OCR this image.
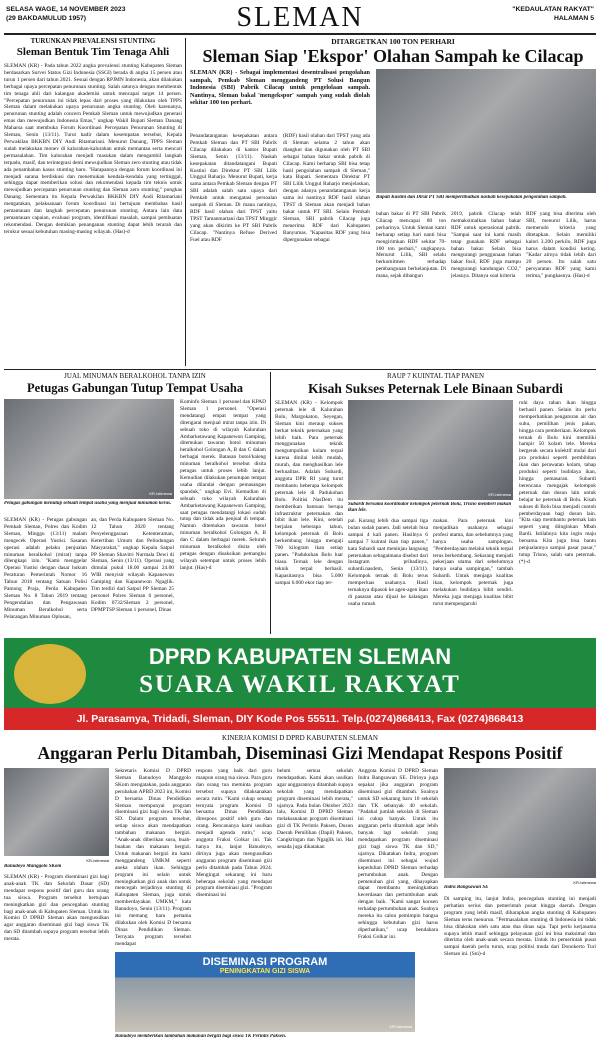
SELASA WAGE, 14 NOVEMBER 2023
(29 BAKDAMULUD 1957)	SLEMAN	"KEDAULATAN RAKYAT"
HALAMAN 5
TURUNKAN PREVALENSI STUNTING
Sleman Bentuk Tim Tenaga Ahli
SLEMAN (KR) - Pada tahun 2022 angka prevalensi stunting Kabupaten Sleman berdasarkan Survei Status Gizi Indonesia (SSGI) berada di angka 15 persen atau turun 1 persen dari tahun 2021. Sesuai dengan RPJMN Indonesia, akan dilakukan berbagai upaya percepatan penurunan stunting. Salah satunya dengan membentuk tim tenaga ahli dari kalangan akademisi untuk mencapai target 14 persen. "Percepatan penurunan ini tidak lepas dari proses yang dilakukan oleh TPPS Sleman dalam melakukan upaya penurunan angka stunting. Oleh karenanya, penurunan stunting adalah concern Pemkab Sleman untuk mewujudkan generasi emas dan mewujudkan Indonesia Emas," ungkap Wakil Bupati Sleman Danang Maharsa saat membuka Forum Koordinasi Percepatan Penurunan Stunting di Sleman, Senin (13/11). Turut hadir dalam kesempatan tersebut, Kepala Perwakilan BKKBN DIY Andi Ritamariani. Menurut Danang, TPPS Sleman sudah melakukan monev di kalurahan-kalurahan untuk memantau serta mencari permasalahan. Tim kalurahan menjadi masukan dalam mengambil langkah terpadu, masif, dan terintegrasi demi mewujudkan Sleman zero stunting atau tidak ada penambahan kasus stunting baru. "Harapannya dengan forum koordinasi ini menjadi sarana berdiskusi dan menemukan kendala-kendala yang tertinggal, sehingga dapat memberikan solusi dan rekomendasi kepada tim teknis untuk mewujudkan percepatan penurunan stunting dan Sleman zero stunting," pungkas Danang. Sementara itu Kepala Perwakilan BKKBN DIY Andi Ritamariani mengatakan, pelaksanaan forum koordinasi ini bertujuan membahas hasil pemantauan dan langkah percepatan penurunan stunting. Antara lain data pemantauan capaian, evaluasi program, identifikasi masalah, sampai pembuatan rekomendasi. Dengan demikian penanganan stunting dapat lebih terarah dan terukur sesuai kebutuhan masing-masing wilayah. (Has)-d
DITARGETKAN 100 TON PERHARI
Sleman Siap 'Ekspor' Olahan Sampah ke Cilacap
SLEMAN (KR) - Sebagai implementasi desentralisasi pengolahan sampah, Pemkab Sleman menggandeng PT Solusi Bangun Indonesia (SBI) Pabrik Cilacap untuk pengelolaan sampah. Nantinya, Sleman bakal 'mengekspor' sampah yang sudah diolah sekitar 100 ton perhari.
Penandatanganan kesepakatan antara Pemkab Sleman dan PT SBI Pabrik Cilacap dilakukan di kantor Bupati Sleman, Senin (13/11). Naskah kesepakatan ditandatangani Bupati Kustini dan Direktur PT SBI Lilik Unggul Raharjo. Menurut Bupati, kerja sama antara Pemkab Sleman dengan PT SBI adalah salah satu upaya dari Pemkab untuk mengatasi persoalan sampah di Sleman. Di mana nantinya, RDF hasil olahan dari TPST yaitu TPST Tamanmartani dan TPST Minggir yang akan dikirim ke PT SBI Pabrik Cilacap. "Nantinya Refuse Derived Fuel atau RDF
(RDF) hasil olahan dari TPST yang ada di Sleman selama 2 tahun akan diangkut dan digunakan oleh PT SBI sebagai bahan bakar untuk pabrik di Cilacap. Kami berharap SBI bisa tetap hasil pengolahan sampah di Sleman," kata Bupati. Sementara Direktur PT SBI Lilik Unggul Raharjo menjelaskan, dengan adanya penandatanganan kerja sama ini nantinya RDF hasil olahan TPST di Sleman akan menjadi bahan bakar untuk PT SBI. Selain Pemkab Sleman, SBI pabrik Cilacap juga menerima RDF dari Kabupaten Banyumas. "Kapasitas RDF yang bisa dipergunakan sebagai
Bupati Kustini dan Dirut PT SBI memperlihatkan naskah kesepakatan pengolahan sampah.
bahan bakar di PT SBI Pabrik Cilacap mencapai 80 ton perharinya. Untuk Sleman kami berharap setiap hari nanti bisa mengirimkan RDF sekitar 70-100 ton perhari," ungkapnya. Menurut Lilik, SBI selalu berkomitmen terhadap pembangunan berkelanjutan. Di mana, sejak dibangun
2019, pabrik Cilacap telah memaksimalkan bahan bakar RDF untuk operasional pabrik. "Sampai saat ini kami masih tetap gunakan RDF sebagai bahan bakar. Selain bisa mengurangi penggunaan bahan bakar fosil, RDF juga mampu mengurangi kandungan CO2," jelasnya. Ditanya soal kriteria
RDF yang bisa diterima oleh SBI, menurut Lilik, harus memenuhi kriteria yang ditetapkan. Selain memiliki kalori 3.200 perkilo, RDF juga harus dalam kondisi kering. "Kadar airnya tidak lebih dari 20 persen. Itu salah satu persyaratan RDF yang kami terima," pungkasnya. (Has)-d
JUAL MINUMAN BERALKOHOL TANPA IZIN
Petugas Gabungan Tutup Tempat Usaha
KR-Istimewa
Petugas gabungan menutup sebuah tempat usaha yang menjual minuman keras.
SLEMAN (KR) - Petugas gabungan Pemkab Sleman, Polres dan Kodim Sleman, Minggu (13/11) malam mengecek Operasi Yustisi. Sasaran operasi adalah pelaku penjualan minuman beralkohol (mirat) tanpa dilengkapi izin. "Kami menggelar Operasi Yustisi dengan dasar hukum Peraturan Pemerintah Nomor 16 Tahun 2018 tentang Satuan Polisi Pamong Praja, Perda Kabupaten Sleman No. 8 Tahun 2019 tentang Pengendalian dan Pengawasan Minuman Beralkohol serta Pelarangan Minuman Oplosan,
an, dan Perda Kabupaten Sleman No. 12 Tahun 2020 tentang Penyelenggaraan Ketenteraman, Ketertiban Umum dan Pelindungan Masyarakat," ungkap Kepala Satpol PP Sleman Shavitri Nurmala Dewi di Sleman, Senin (13/11). Operasi yang dimulai pukul 18.00 sampai 24.00 WIB menyisir wilayah Kapanewon Gamping dan Kapanewon Ngaglik. Tim terdiri dari Satpol PP Sleman 25 personel Polres Sleman 6 personel, Kodim 0732/Sleman 2 personel, DPMPTSP Sleman 1 personel, Dinas
Kominfo Sleman 1 personel dan KPAD Sleman 1 personel. "Operasi mendatangi empat tempat yang ditengarai menjual mirat tanpa izin. Di sebuah toko di wilayah Kalurahan Ambarketawang Kapanewon Gamping, ditemukan tawaran botol minuman beralkohol Golongan A, B dan C dalam berbagai merek. Batasan botol/kaleng minuman beralkohol tersebut disita petugas untuk proses lebih lanjut. Kemudian dilakukan penutupan tempat usaha dilandai dengan pemasangan spanduk," ungkap Evi. Kemudian di sebuah toko wilayah Kalurahan Ambarketawang Kapanewon Gamping, saat petugas mendatangi lokasi sudah tutup dan tidak ada penjual di tempat. Namun ditemukan tawaran botol minuman beralkohol Golongan A, B dan C dalam berbagai merek. Seluruh minuman beralkohol disita oleh petugas dengan disaksikan pemangku wilayah setempat untuk proses lebih lanjut. (Has)-d
RAUP 7 KUINTAL TIAP PANEN
Kisah Sukses Peternak Lele Binaan Subardi
SLEMAN (KR) - Kelompok peternak lele di Kalurahan Bolu, Margokaton, Seyegan, Sleman kini meraup sukses berkat teknik peternakan yang lebih baik. Para peternak menggunakan teknik mengumpulkan kolam terpal karena dinilai lebih mudah, murah, dan menghasilkan lele berkualitas. Adalah Subardi, anggota DPR RI yang turut membantu beberapa kelompok peternak lele di Padukuhan Bolu. Politisi NasDem itu memberikan bantuan berupa infrastruktur peternakan dan bibit ikan lele. Kini, setelah berjalan beberapa tahun, kelompok peternak di Bolu berkembang hingga mengaji 700 kilogram ikan setiap panen. "Padukuhan Bolu luar biasa. Ternak lele dengan teknik terpal berhasil. Kapasitasnya bisa 5.000 sampai 6.000 ekor tiap ter-
KR-Istimewa
Subardi bersama koordinator kelompok peternak Bolu, Trisno memberi makan ikan lele.
pal. Kurang lebih dua sampai tiga bulan sudah panen. Jadi setelah bisa sampai 4 kali panen. Hasilnya 6 sampai 7 kuintal ikan tiap panen," kata Subardi saat meninjau langsung peternakan sebagaimana disebut dari Instagram pribadinya, subardi.nasdem, Senin (13/11). Kelompok ternak di Bolu terus memperluas usahanya. Hasil ternaknya dipasok ke agen-agen ikan di pasaran atau dijual ke kalangan usaha rumah
makan. Para peternak kini menjadikan usahanya sebagai profesi utama, dan sebelumnya yang hanya usaha sampingan. "Pemberdayaan melalui teknik terpal terus berkembang. Sekarang menjadi pekerjaan utama dari sebelumnya hanya usaha sampingan," tambah Subardi. Untuk menjaga kualitas ikan, kelompok peternak juga melakukan budidaya bibit sendiri. Mereka juga menjaga kualitas bibit turut mempengaruhi
ruhi daya tahan ikan hingga berhasil panen. Selain itu perlu memperhatikan pengaturan air dan suhu, pemilihan jenis pakan, hingga cara pemberiaan. Kelompok ternak di Bolu kini memiliki hampir 50 kolam lele. Mereka bergerak secara kolektif mulai dari pra produksi seperti pembibitan ikan dan perawatan kolam, tahap produksi seperti budidaya ikan, hingga pemasaran. Subardi berencana mengajak kelompok peternak dan dusun lain untuk belajar ke peternak di Bolu. Kisah sukses di Bolu bisa menjadi contoh pemberdayaan bagi dusun lain. "Kita siap membantu peternak lain seperti yang diinginkan Mbah Bardi. Istilahnya kita ingin maju bersama. Kita juga bisa bantu penjualannya sampai pasar pasar," tutup Trisno, salah satu peternak. (*)-d
DPRD KABUPATEN SLEMAN
SUARA WAKIL RAKYAT
Jl. Parasamya, Tridadi, Sleman, DIY Kode Pos 55511. Telp.(0274)868413, Fax (0274)868413
KINERJA KOMISI D DPRD KABUPATEN SLEMAN
Anggaran Perlu Ditambah, Diseminasi Gizi Mendapat Respons Positif
KR-Istimewa
Banudoyo Manggolo SKom
SLEMAN (KR) - Program diseminasi gizi bagi anak-anak TK dan Sekolah Dasar (SD) mendapat respons positif dari guru dan orang tua siswa. Program tersebut bertujuan meningkatkan gizi dan pencegahan stunting bagi anak-anak di Kabupaten Sleman. Untuk itu Komisi D DPRD Sleman akan mengusulkan agar anggaran diseminasi gizi bagi siswa TK dan SD ditambah supaya program tersebut lebih merata.
Sekretaris Komisi D DPRD Sleman Banudoyo Manggolo SKom mengatakan, pada anggaran perubahan APBD 2023 ini, Komisi D bersama Dinas Pendidikan Sleman mempunyai program diseminasi gizi bagi siswa TK dan SD. Dalam program tersebut, setiap siswa akan mendapatkan tambahan makanan bergizi. "Anak-anak diberikan susu, buah-buahan dan makanan bergizi. Untuk makanan bergizi itu kami menggandeng UMKM seperti aneka olahan ikan. Sehingga program ini selain untuk meningkatkan gizi anak dan untuk mencegah terjadinya stunting di Kabupaten Sleman, juga untuk memberdayakan UMKM," kata Banudoyo, Senin (13/11). Program ini memang baru pertama dilakukan oleh Komisi D bersama Dinas Pendidikan Sleman. Ternyata program tersebut mendapat
respons yang baik dari guru maupun orang tua siswa. Para guru dan orang tua meminta program tersebut supaya dilaksanakan secara rutin. "Kami cukup senang ternyata program Komisi D bersama Dinas Pendidikan direspons positif oleh guru dan orang. Rencananya kami usulkan menjadi agenda rutin," ucap anggota Fraksi Golkar ini. Tak hanya itu, lanjut Banudoyo, dirinya juga akan mengusulkan anggaran program diseminasi gizi perlu ditambah pada Tahun 2024. Mengingat sekarang ini baru beberapa sekolah yang mendapat program diseminasi gizi. "Program diseminasi ini
belum semua sekolah mendapatkan. Kami akan usulkan agar anggarannya ditambah supaya sekolah yang mendapatkan program diseminasi lebih merata," ujarnya. Pada bulan Oktober 2023 lalu, Komisi D DPRD Sleman melaksanakan program diseminasi gizi di TK Perintis Paksen, Dusun Daerah Pemilihan (Dapil) Paksen, Cangkringan dan Ngaglik ini. Hal senada juga dikatakan
DISEMINASI PROGRAM
PENINGKATAN GIZI SISWA
KR-Istimewa
Banudoyo memberikan tambahan makanan bergizi bagi siswa TK Perintis Paksen.
Anggota Komisi D DPRD Sleman Indra Bangsawan SE. Dirinya juga sepakat jika anggaran program diseminasi gizi ditambah. Soalnya untuk SD sekarang baru 10 sekolah dan TK sebanyak 40 sekolah. "Padahal jumlah sekolah di Sleman ini cukup banyak. Untuk itu anggaran perlu ditambah agar lebih banyak lagi sekolah yang mendapatkan program diseminasi gizi bagi siswa TK dan SD," ujarnya. Dikatakan Indra, program diseminasi ini sebagai wujud kepedulian DPRD Sleman terhadap pertumbuhan anak. Dengan pemenuhan gizi yang, dihayapkan dapat membantu meningkatkan kecerdasan dan pertumbuhan anak dengan baik. "Kami sangat konsen terhadap pertumbuhan anak. Soalnya mereka itu calon pemimpin bangsa sehingga kebutuhan gizi harus diperhatikan," ucap bendahara Fraksi Golkar ini.
KR-Istimewa
Indra Bangsawan SE
Di samping itu, lanjut Indra, pencegahan stunting ini menjadi perhatian serius dan pemerintah pusat hingga daerah. Dengan program yang lebih masif, diharapkan angka stunting di Kabupaten Sleman terus menurun. "Permasalahan stunting di Indonesia ini tidak bisa dilakukan oleh satu atau dua dinas saja. Tapi perlu kerjasama supaya lebih masif sehingga pelayanan gizi ini bisa maksimal dan diterima oleh anak-anak secara merata. Untuk itu pemerintah pusat sampai daerah perlu turun, ucap politisi muda dari Donokerto Turi Sleman ini. (Sni)-d
